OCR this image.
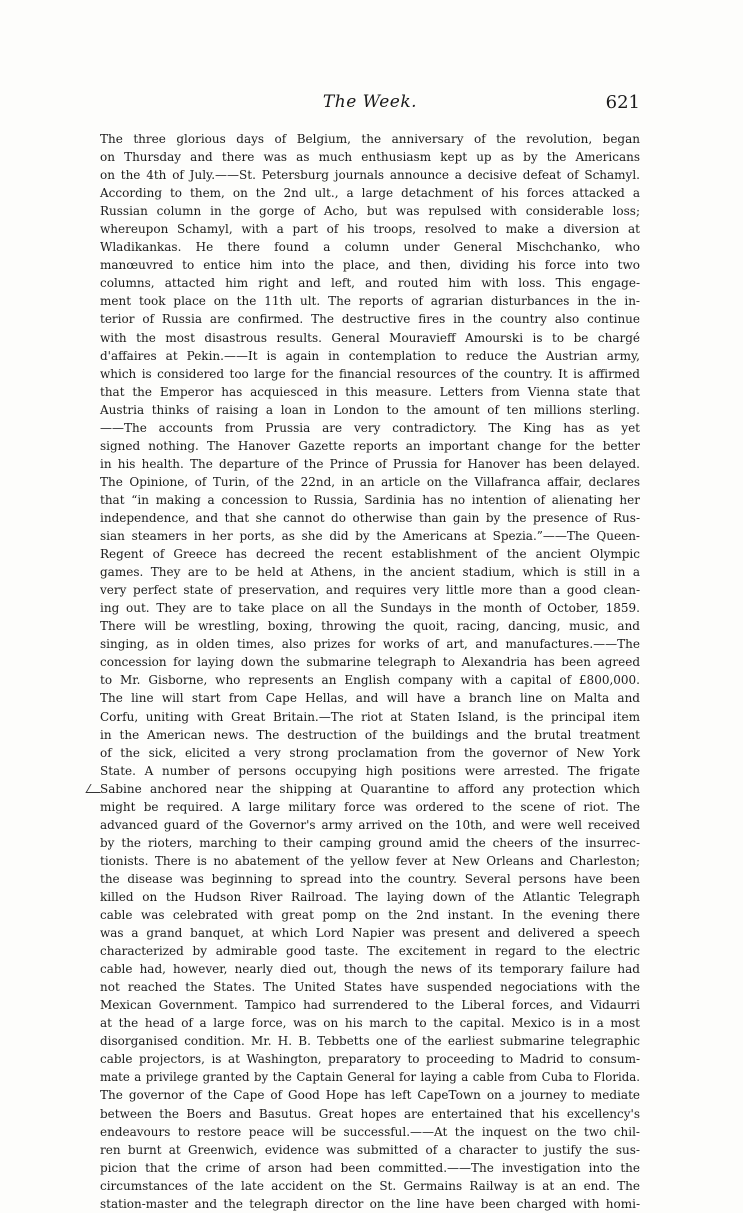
The Week.	621
The three glorious days of Belgium, the anniversary of the revolution, began
on Thursday and there was as much enthusiasm kept up as by the Americans
on the 4th of July.——St. Petersburg journals announce a decisive defeat of Schamyl.
According to them, on the 2nd ult., a large detachment of his forces attacked a
Russian column in the gorge of Acho, but was repulsed with considerable loss;
whereupon Schamyl, with a part of his troops, resolved to make a diversion at
Wladikankas. He there found a column under General Mischchanko, who
manœuvred to entice him into the place, and then, dividing his force into two
columns, attacted him right and left, and routed him with loss. This engage-
ment took place on the 11th ult. The reports of agrarian disturbances in the in-
terior of Russia are confirmed. The destructive fires in the country also continue
with the most disastrous results. General Mouravieff Amourski is to be chargé
d'affaires at Pekin.——It is again in contemplation to reduce the Austrian army,
which is considered too large for the financial resources of the country. It is affirmed
that the Emperor has acquiesced in this measure. Letters from Vienna state that
Austria thinks of raising a loan in London to the amount of ten millions sterling.
——The accounts from Prussia are very contradictory. The King has as yet
signed nothing. The Hanover Gazette reports an important change for the better
in his health. The departure of the Prince of Prussia for Hanover has been delayed.
The Opinione, of Turin, of the 22nd, in an article on the Villafranca affair, declares
that “in making a concession to Russia, Sardinia has no intention of alienating her
independence, and that she cannot do otherwise than gain by the presence of Rus-
sian steamers in her ports, as she did by the Americans at Spezia.”——The Queen-
Regent of Greece has decreed the recent establishment of the ancient Olympic
games. They are to be held at Athens, in the ancient stadium, which is still in a
very perfect state of preservation, and requires very little more than a good clean-
ing out. They are to take place on all the Sundays in the month of October, 1859.
There will be wrestling, boxing, throwing the quoit, racing, dancing, music, and
singing, as in olden times, also prizes for works of art, and manufactures.——The
concession for laying down the submarine telegraph to Alexandria has been agreed
to Mr. Gisborne, who represents an English company with a capital of £800,000.
The line will start from Cape Hellas, and will have a branch line on Malta and
Corfu, uniting with Great Britain.—The riot at Staten Island, is the principal item
in the American news. The destruction of the buildings and the brutal treatment
of the sick, elicited a very strong proclamation from the governor of New York
State. A number of persons occupying high positions were arrested. The frigate
Sabine anchored near the shipping at Quarantine to afford any protection which
might be required. A large military force was ordered to the scene of riot. The
advanced guard of the Governor's army arrived on the 10th, and were well received
by the rioters, marching to their camping ground amid the cheers of the insurrec-
tionists. There is no abatement of the yellow fever at New Orleans and Charleston;
the disease was beginning to spread into the country. Several persons have been
killed on the Hudson River Railroad. The laying down of the Atlantic Telegraph
cable was celebrated with great pomp on the 2nd instant. In the evening there
was a grand banquet, at which Lord Napier was present and delivered a speech
characterized by admirable good taste. The excitement in regard to the electric
cable had, however, nearly died out, though the news of its temporary failure had
not reached the States. The United States have suspended negociations with the
Mexican Government. Tampico had surrendered to the Liberal forces, and Vidaurri
at the head of a large force, was on his march to the capital. Mexico is in a most
disorganised condition. Mr. H. B. Tebbetts one of the earliest submarine telegraphic
cable projectors, is at Washington, preparatory to proceeding to Madrid to consum-
mate a privilege granted by the Captain General for laying a cable from Cuba to Florida.
The governor of the Cape of Good Hope has left CapeTown on a journey to mediate
between the Boers and Basutus. Great hopes are entertained that his excellency's
endeavours to restore peace will be successful.——At the inquest on the two chil-
ren burnt at Greenwich, evidence was submitted of a character to justify the sus-
picion that the crime of arson had been committed.——The investigation into the
circumstances of the late accident on the St. Germains Railway is at an end. The
station-master and the telegraph director on the line have been charged with homi-
